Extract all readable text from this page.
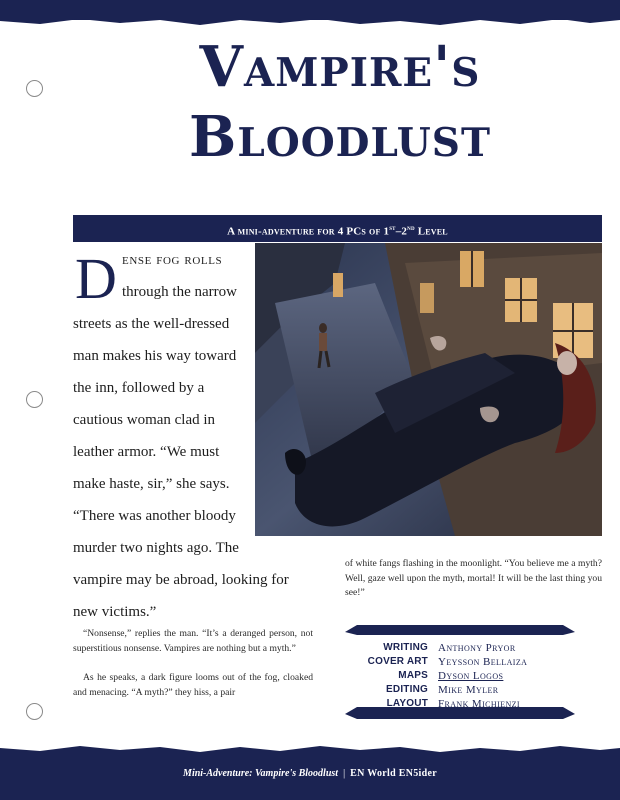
Vampire's
Bloodlust
A mini-adventure for 4 PCs of 1st–2nd Level
D ense fog rolls
through the narrow
streets as the well-dressed
man makes his way toward
the inn, followed by a
cautious woman clad in
leather armor. “We must
make haste, sir,” she says.
“There was another bloody
murder two nights ago. The
vampire may be abroad, looking for
new victims.”
“Nonsense,” replies the man. “It’s a deranged person, not superstitious nonsense. Vampires are nothing but a myth.”
As he speaks, a dark figure looms out of the fog, cloaked and menacing. “A myth?” they hiss, a pair
of white fangs flashing in the moonlight. “You believe me a myth? Well, gaze well upon the myth, mortal! It will be the last thing you see!”
WRITING Anthony Pryor
COVER ART Yeysson Bellaiza
MAPS Dyson Logos
EDITING Mike Myler
LAYOUT Frank Michienzi
Mini-Adventure: Vampire's Bloodlust | EN World EN5ider
